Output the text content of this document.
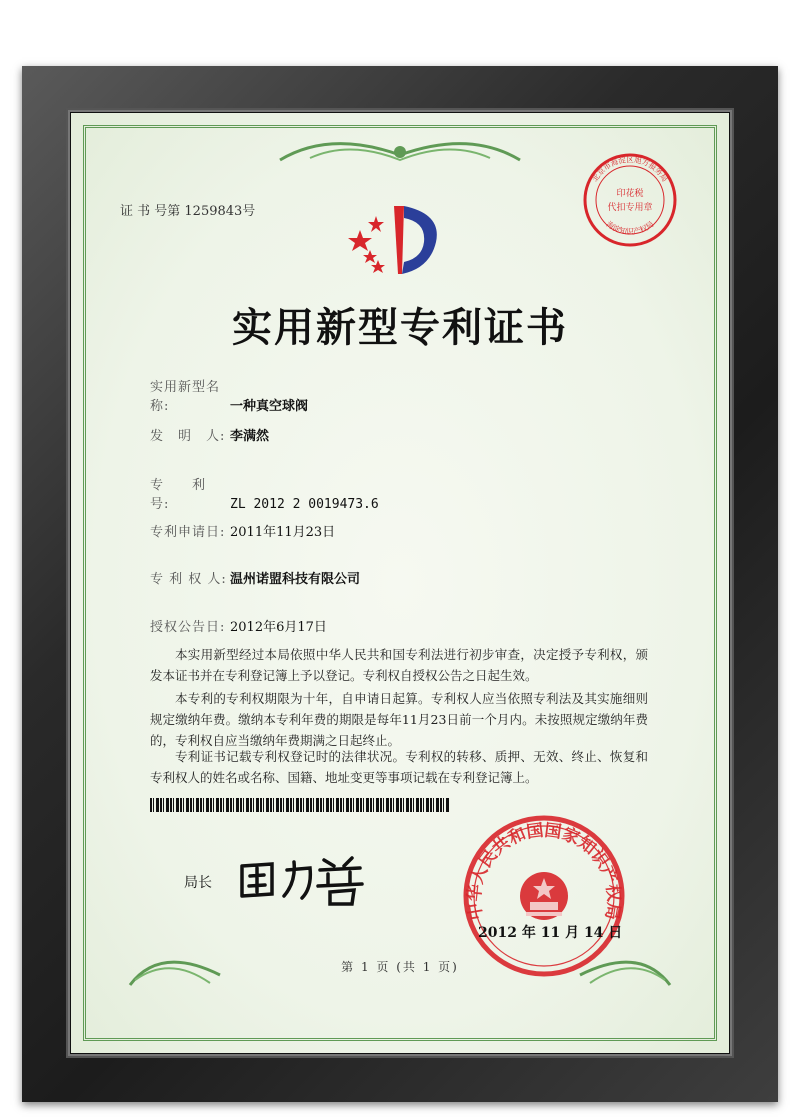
证 书 号第 1259843号
实用新型专利证书
实用新型名称:	一种真空球阀
发　明　人: 李满然
专　　利　号:	ZL 2012 2 0019473.6
专利申请日: 2011年11月23日
专 利 权 人: 温州诺盟科技有限公司
授权公告日: 2012年6月17日
本实用新型经过本局依照中华人民共和国专利法进行初步审查，决定授予专利权，颁发本证书并在专利登记簿上予以登记。专利权自授权公告之日起生效。
本专利的专利权期限为十年，自申请日起算。专利权人应当依照专利法及其实施细则规定缴纳年费。缴纳本专利年费的期限是每年11月23日前一个月内。未按照规定缴纳年费的，专利权自应当缴纳年费期满之日起终止。
专利证书记载专利权登记时的法律状况。专利权的转移、质押、无效、终止、恢复和专利权人的姓名或名称、国籍、地址变更等事项记载在专利登记簿上。
局长
北京市海淀区旭方报务局
海淀知识产权局
印花税
代扣专用章
中华人民共和国国家知识产权局
2012 年 11 月 14 日
第 1 页 (共 1 页)
